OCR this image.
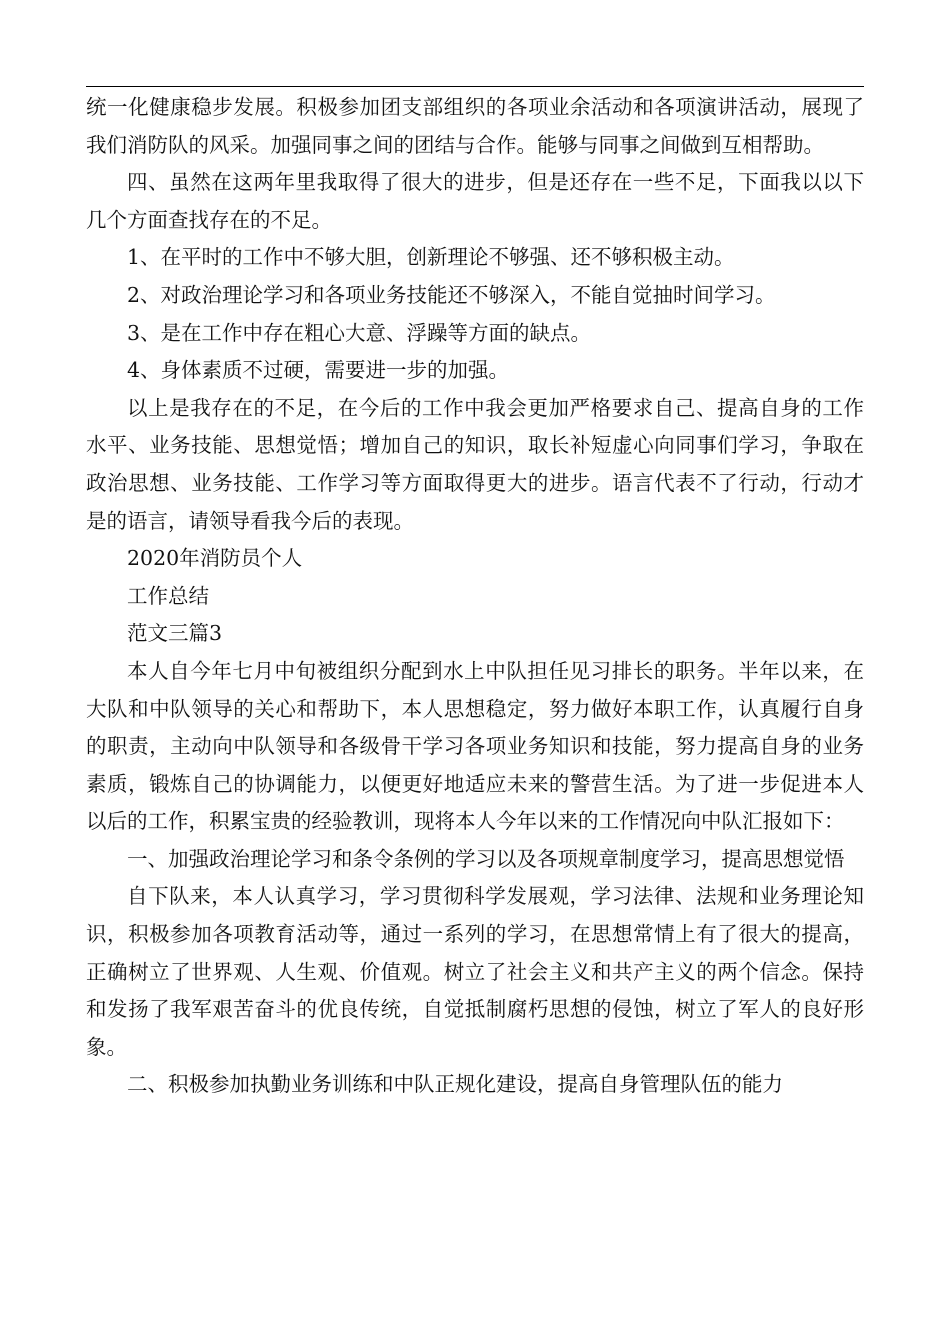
统一化健康稳步发展。积极参加团支部组织的各项业余活动和各项演讲活动，展现了我们消防队的风采。加强同事之间的团结与合作。能够与同事之间做到互相帮助。

四、虽然在这两年里我取得了很大的进步，但是还存在一些不足，下面我以以下几个方面查找存在的不足。

1、在平时的工作中不够大胆，创新理论不够强、还不够积极主动。

2、对政治理论学习和各项业务技能还不够深入，不能自觉抽时间学习。

3、是在工作中存在粗心大意、浮躁等方面的缺点。

4、身体素质不过硬，需要进一步的加强。

以上是我存在的不足，在今后的工作中我会更加严格要求自己、提高自身的工作水平、业务技能、思想觉悟；增加自己的知识，取长补短虚心向同事们学习，争取在政治思想、业务技能、工作学习等方面取得更大的进步。语言代表不了行动，行动才是的语言，请领导看我今后的表现。

2020年消防员个人

工作总结

范文三篇3

本人自今年七月中旬被组织分配到水上中队担任见习排长的职务。半年以来，在大队和中队领导的关心和帮助下，本人思想稳定，努力做好本职工作，认真履行自身的职责，主动向中队领导和各级骨干学习各项业务知识和技能，努力提高自身的业务素质，锻炼自己的协调能力，以便更好地适应未来的警营生活。为了进一步促进本人以后的工作，积累宝贵的经验教训，现将本人今年以来的工作情况向中队汇报如下：

一、加强政治理论学习和条令条例的学习以及各项规章制度学习，提高思想觉悟

自下队来，本人认真学习，学习贯彻科学发展观，学习法律、法规和业务理论知识，积极参加各项教育活动等，通过一系列的学习，在思想常情上有了很大的提高，正确树立了世界观、人生观、价值观。树立了社会主义和共产主义的两个信念。保持和发扬了我军艰苦奋斗的优良传统，自觉抵制腐朽思想的侵蚀，树立了军人的良好形象。

二、积极参加执勤业务训练和中队正规化建设，提高自身管理队伍的能力
